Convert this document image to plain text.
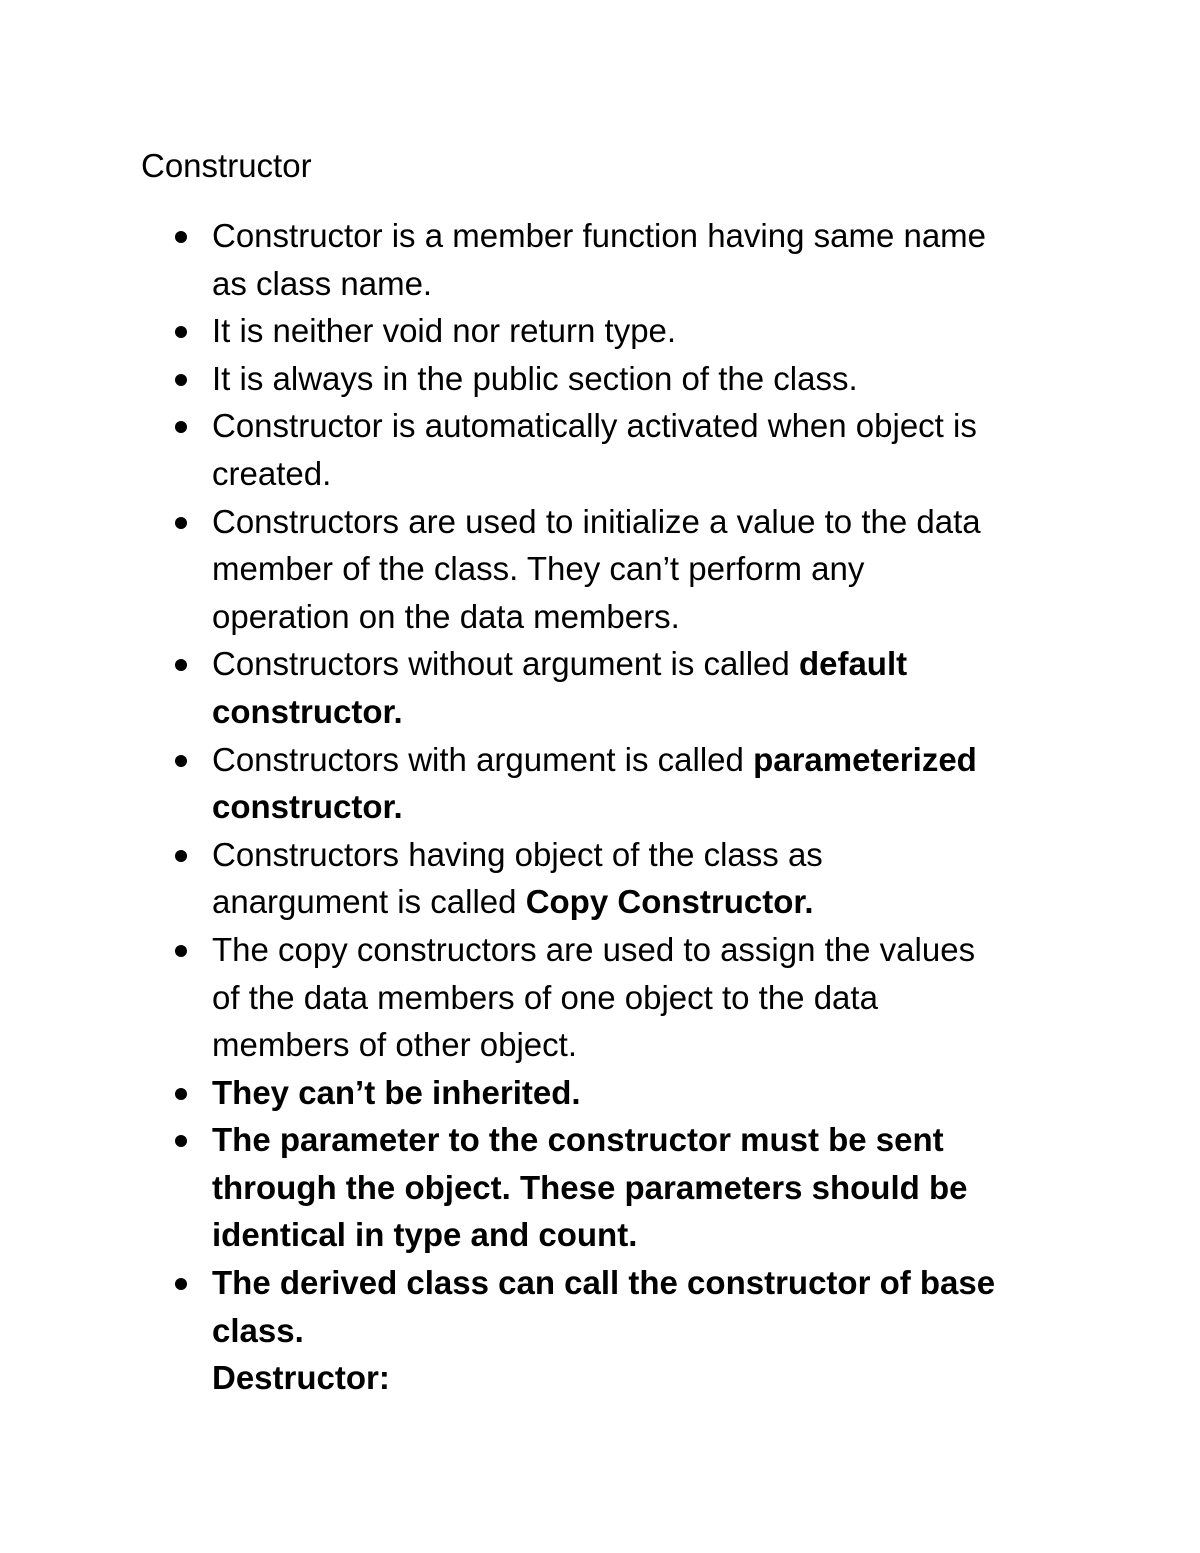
Constructor
Constructor is a member function having same name
as class name.
It is neither void nor return type.
It is always in the public section of the class.
Constructor is automatically activated when object is
created.
Constructors are used to initialize a value to the data
member of the class. They can’t perform any
operation on the data members.
Constructors without argument is called default
constructor.
Constructors with argument is called parameterized
constructor.
Constructors having object of the class as
anargument is called Copy Constructor.
The copy constructors are used to assign the values
of the data members of one object to the data
members of other object.
They can’t be inherited.
The parameter to the constructor must be sent
through the object. These parameters should be
identical in type and count.
The derived class can call the constructor of base
class.
Destructor:
